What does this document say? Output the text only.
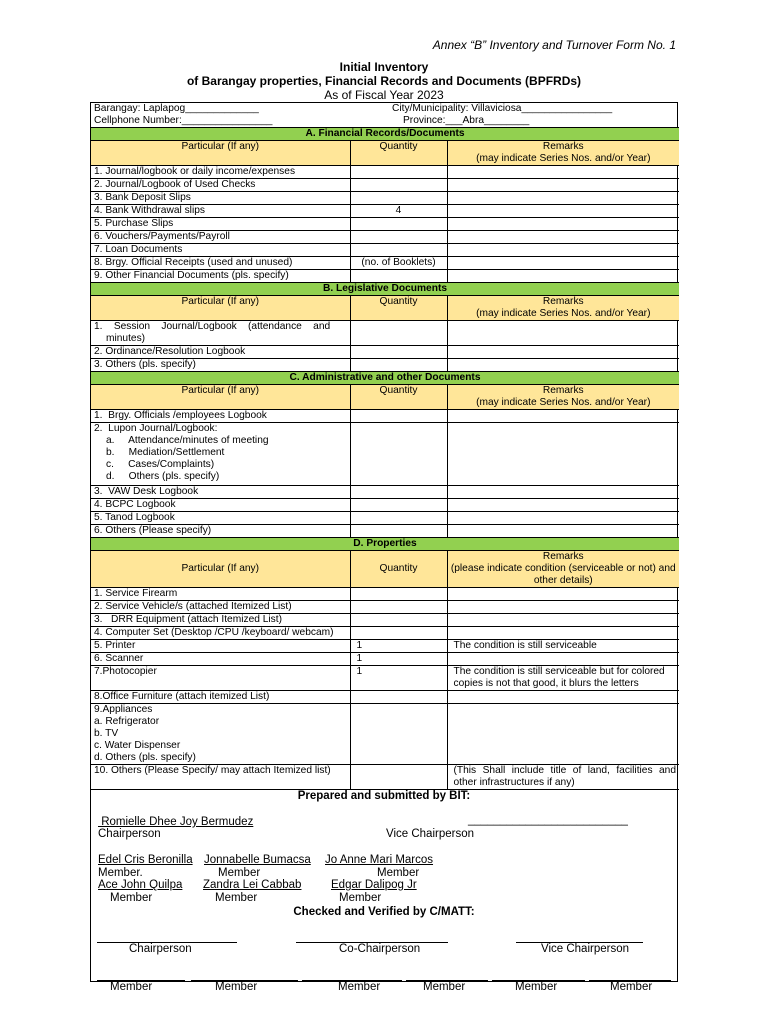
Annex “B” Inventory and Turnover Form No. 1
Initial Inventory
of Barangay properties, Financial Records and Documents (BPFRDs)
As of Fiscal Year 2023
Barangay: Laplapog_____________	City/Municipality: Villaviciosa________________
Cellphone Number:________________	Province:___Abra________
A. Financial Records/Documents
Particular (If any)	Quantity	Remarks
(may indicate Series Nos. and/or Year)

1. Journal/logbook or daily income/expenses		
2. Journal/Logbook of Used Checks		
3. Bank Deposit Slips		
4. Bank Withdrawal slips	4	
5. Purchase Slips		
6. Vouchers/Payments/Payroll		
7. Loan Documents		
8. Brgy. Official Receipts (used and unused)	(no. of Booklets)	
9. Other Financial Documents (pls. specify)		
B. Legislative Documents
Particular (If any)	Quantity	Remarks
(may indicate Series Nos. and/or Year)

1.    Session    Journal/Logbook    (attendance    and
minutes)

2. Ordinance/Resolution Logbook		
3. Others (pls. specify)		
C. Administrative and other Documents
Particular (If any)	Quantity	Remarks
(may indicate Series Nos. and/or Year)

1.  Brgy. Officials /employees Logbook		

2.  Lupon Journal/Logbook:
a.     Attendance/minutes of meeting
b.     Mediation/Settlement
c.     Cases/Complaints)
d.     Others (pls. specify)

3.  VAW Desk Logbook		
4. BCPC Logbook		
5. Tanod Logbook		
6. Others (Please specify)		
D. Properties
Particular (If any)	Quantity	Remarks
(please indicate condition (serviceable or not) and other details)

1. Service Firearm		
2. Service Vehicle/s (attached Itemized List)		
3.   DRR Equipment (attach Itemized List)		
4. Computer Set (Desktop /CPU /keyboard/ webcam)		
5. Printer	1	The condition is still serviceable
6. Scanner	1	
7.Photocopier	1	The condition is still serviceable but for colored copies is not that good, it blurs the letters
8.Office Furniture (attach itemized List)		

9.Appliances
a. Refrigerator
b. TV
c. Water Dispenser
d. Others (pls. specify)

10. Others (Please Specify/ may attach Itemized list)		(This Shall include title of land, facilities and other infrastructures if any)
Prepared and submitted by BIT:
Romielle Dhee Joy Bermudez
Chairperson
_________________________
Vice Chairperson
Edel Cris Beronilla Jonnabelle Bumacsa Jo Anne Mari Marcos
Member.	Member	Member
Ace John Quilpa Zandra Lei Cabbab	Edgar Dalipog Jr
Member	Member	Member
Checked and Verified by C/MATT:
Chairperson	Co-Chairperson	Vice Chairperson
Member	Member	Member	Member	Member	Member
